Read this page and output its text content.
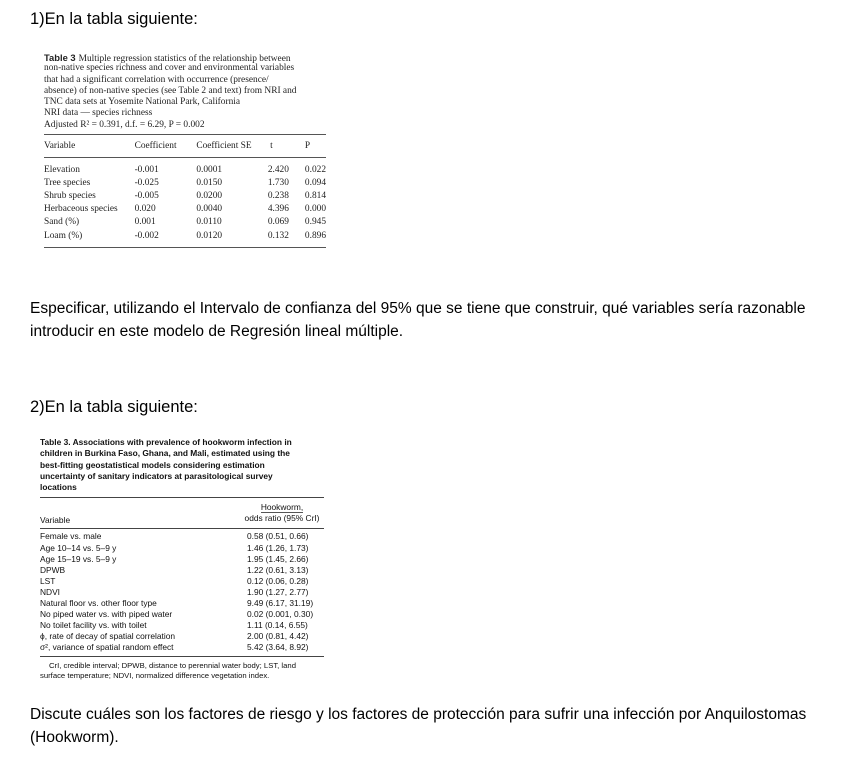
1)En la tabla siguiente:
Table 3 Multiple regression statistics of the relationship between
non-native species richness and cover and environmental variables
that had a significant correlation with occurrence (presence/
absence) of non-native species (see Table 2 and text) from NRI and
TNC data sets at Yosemite National Park, California
NRI data — species richness
Adjusted R² = 0.391, d.f. = 6.29, P = 0.002
Variable	Coefficient	Coefficient SE	t	P

Elevation	-0.001	0.0001	2.420	0.022
Tree species	-0.025	0.0150	1.730	0.094
Shrub species	-0.005	0.0200	0.238	0.814
Herbaceous species	0.020	0.0040	4.396	0.000
Sand (%)	0.001	0.0110	0.069	0.945
Loam (%)	-0.002	0.0120	0.132	0.896

Especificar, utilizando el Intervalo de confianza del 95% que se tiene que construir, qué variables sería razonable introducir en este modelo de Regresión lineal múltiple.
2)En la tabla siguiente:
Table 3. Associations with prevalence of hookworm infection in
children in Burkina Faso, Ghana, and Mali, estimated using the
best-fitting geostatistical models considering estimation
uncertainty of sanitary indicators at parasitological survey
locations
Variable
Hookworm,
odds ratio (95% CrI)
Female vs. male	0.58 (0.51, 0.66)
Age 10–14 vs. 5–9 y	1.46 (1.26, 1.73)
Age 15–19 vs. 5–9 y	1.95 (1.45, 2.66)
DPWB	1.22 (0.61, 3.13)
LST	0.12 (0.06, 0.28)
NDVI	1.90 (1.27, 2.77)
Natural floor vs. other floor type	9.49 (6.17, 31.19)
No piped water vs. with piped water	0.02 (0.001, 0.30)
No toilet facility vs. with toilet	1.11 (0.14, 6.55)
ϕ, rate of decay of spatial correlation	2.00 (0.81, 4.42)
σ², variance of spatial random effect	5.42 (3.64, 8.92)
CrI, credible interval; DPWB, distance to perennial water body; LST, land
surface temperature; NDVI, normalized difference vegetation index.
Discute cuáles son los factores de riesgo y los factores de protección para sufrir una infección por Anquilostomas (Hookworm).
